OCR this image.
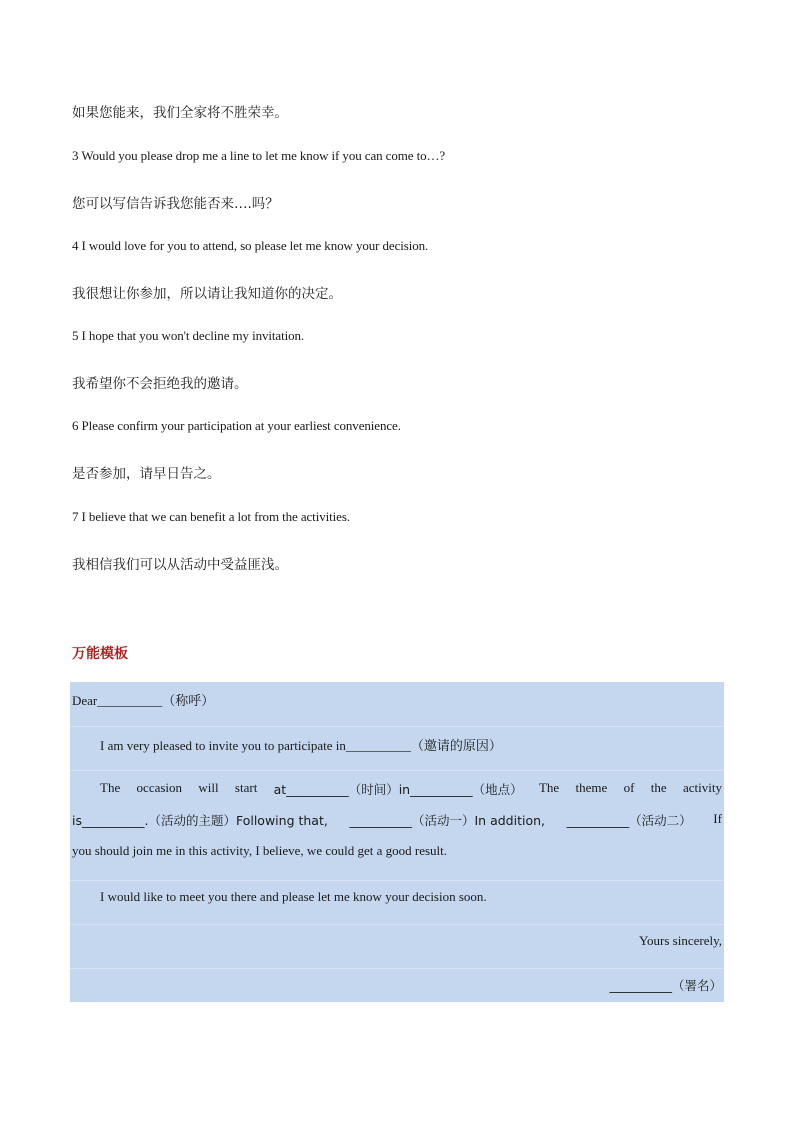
如果您能来，我们全家将不胜荣幸。
3 Would you please drop me a line to let me know if you can come to…?
您可以写信告诉我您能否来….吗？
4 I would love for you to attend, so please let me know your decision.
我很想让你参加，所以请让我知道你的决定。
5 I hope that you won't decline my invitation.
我希望你不会拒绝我的邀请。
6 Please confirm your participation at your earliest convenience.
是否参加，请早日告之。
7 I believe that we can benefit a lot from the activities.
我相信我们可以从活动中受益匪浅。
万能模板
Dear__________（称呼）
I am very pleased to invite you to participate in__________（邀请的原因）
The occasion will start at__________（时间）in__________（地点） The theme of the activity
is__________.（活动的主题）Following that, __________（活动一）In addition, __________（活动二） If
you should join me in this activity, I believe, we could get a good result.
I would like to meet you there and please let me know your decision soon.
Yours sincerely,
__________（署名）
